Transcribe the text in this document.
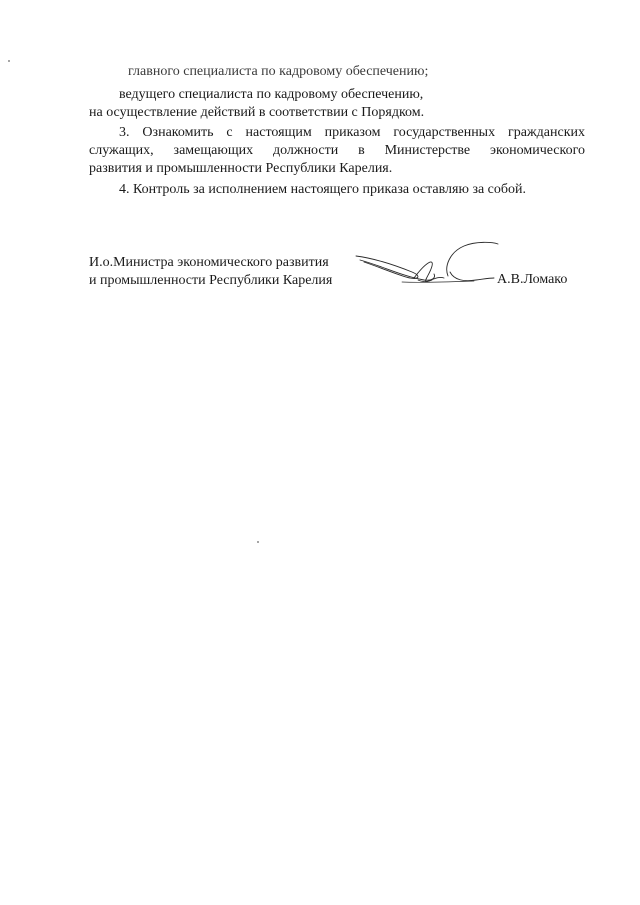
главного специалиста по кадровому обеспечению;
ведущего специалиста по кадровому обеспечению,
на осуществление действий в соответствии с Порядком.
3. Ознакомить с настоящим приказом государственных гражданских
служащих, замещающих должности в Министерстве экономического
развития и промышленности Республики Карелия.
4. Контроль за исполнением настоящего приказа оставляю за собой.
И.о.Министра экономического развития
и промышленности Республики Карелия	А.В.Ломако
